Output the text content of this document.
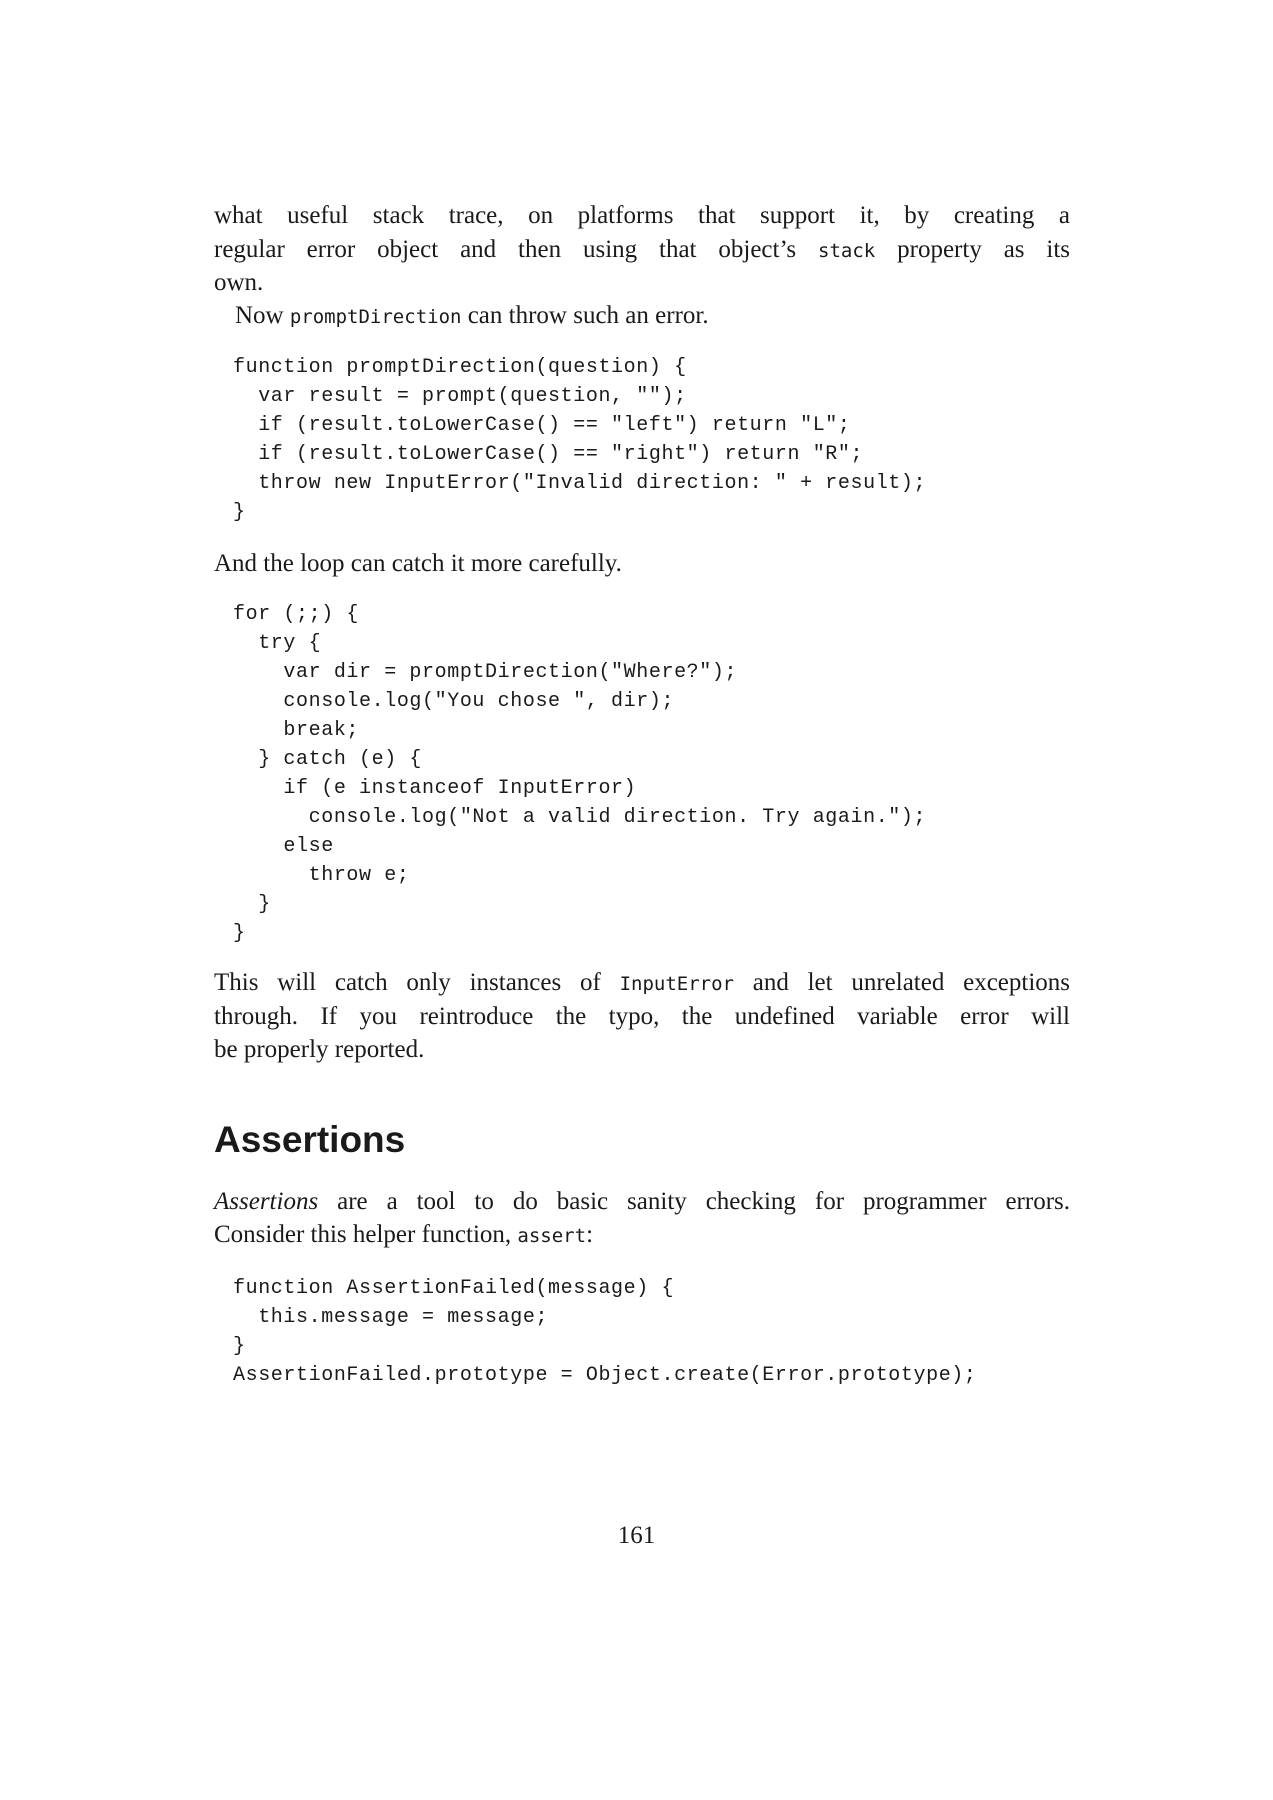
what useful stack trace, on platforms that support it, by creating a
regular error object and then using that object’s stack property as its
own.
Now promptDirection can throw such an error.
function promptDirection(question) {
var result = prompt(question, "");
if (result.toLowerCase() == "left") return "L";
if (result.toLowerCase() == "right") return "R";
throw new InputError("Invalid direction: " + result);
}
And the loop can catch it more carefully.
for (;;) {
try {
var dir = promptDirection("Where?");
console.log("You chose ", dir);
break;
} catch (e) {
if (e instanceof InputError)
console.log("Not a valid direction. Try again.");
else
throw e;
}
}
This will catch only instances of InputError and let unrelated exceptions
through. If you reintroduce the typo, the undefined variable error will
be properly reported.
Assertions
Assertions are a tool to do basic sanity checking for programmer errors.
Consider this helper function, assert:
function AssertionFailed(message) {
this.message = message;
}
AssertionFailed.prototype = Object.create(Error.prototype);
161
